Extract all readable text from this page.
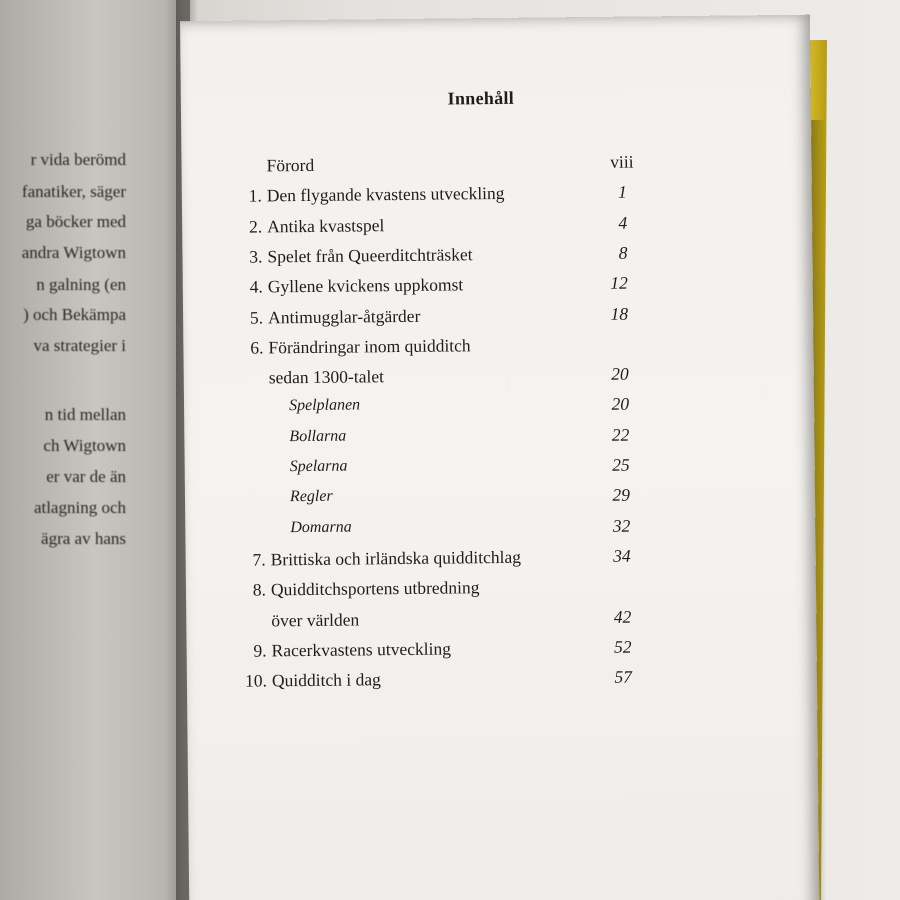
r vida berömd
fanatiker, säger
ga böcker med
andra Wigtown
n galning (en
) och Bekämpa
va strategier i
n tid mellan
ch Wigtown
er var de än
atlagning och
ägra av hans
Innehåll
Förord	viii
1. Den flygande kvastens utveckling	1
2. Antika kvastspel	4
3. Spelet från Queerditchträsket	8
4. Gyllene kvickens uppkomst	12
5. Antimugglar-åtgärder	18
6. Förändringar inom quidditch
sedan 1300-talet	20
Spelplanen	20
Bollarna	22
Spelarna	25
Regler	29
Domarna	32
7. Brittiska och irländska quidditchlag	34
8. Quidditchsportens utbredning
över världen	42
9. Racerkvastens utveckling	52
10. Quidditch i dag	57
